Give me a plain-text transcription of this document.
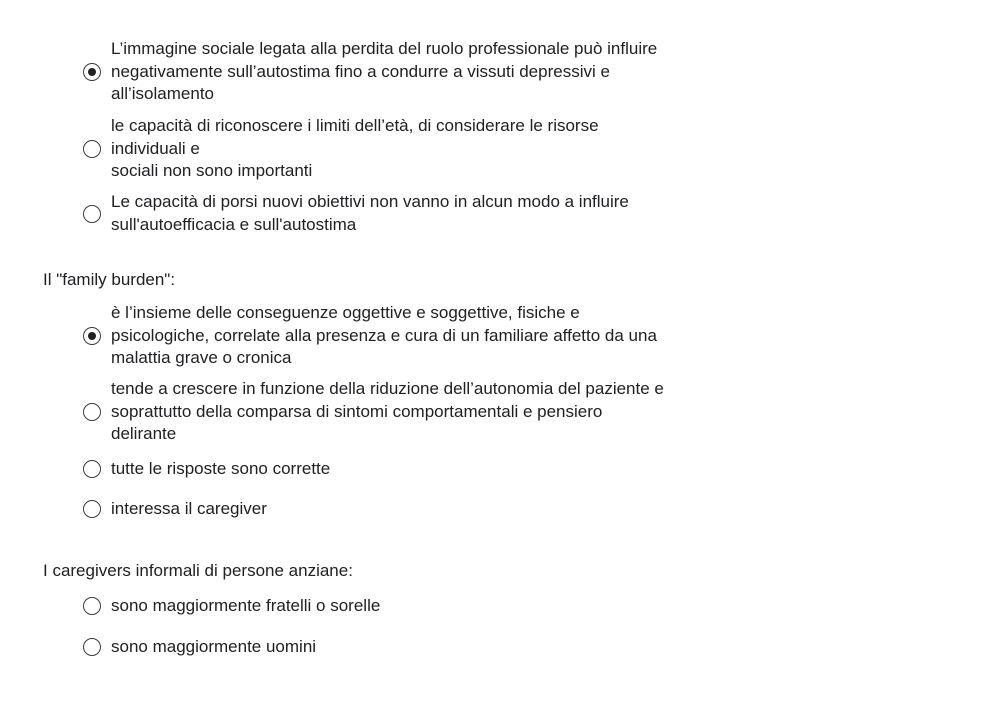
L’immagine sociale legata alla perdita del ruolo professionale può influire
negativamente sull’autostima fino a condurre a vissuti depressivi e
all’isolamento
le capacità di riconoscere i limiti dell’età, di considerare le risorse
individuali e
sociali non sono importanti
Le capacità di porsi nuovi obiettivi non vanno in alcun modo a influire
sull'autoefficacia e sull'autostima
Il "family burden":
è l’insieme delle conseguenze oggettive e soggettive, fisiche e
psicologiche, correlate alla presenza e cura di un familiare affetto da una
malattia grave o cronica
tende a crescere in funzione della riduzione dell’autonomia del paziente e
soprattutto della comparsa di sintomi comportamentali e pensiero
delirante
tutte le risposte sono corrette
interessa il caregiver
I caregivers informali di persone anziane:
sono maggiormente fratelli o sorelle
sono maggiormente uomini
